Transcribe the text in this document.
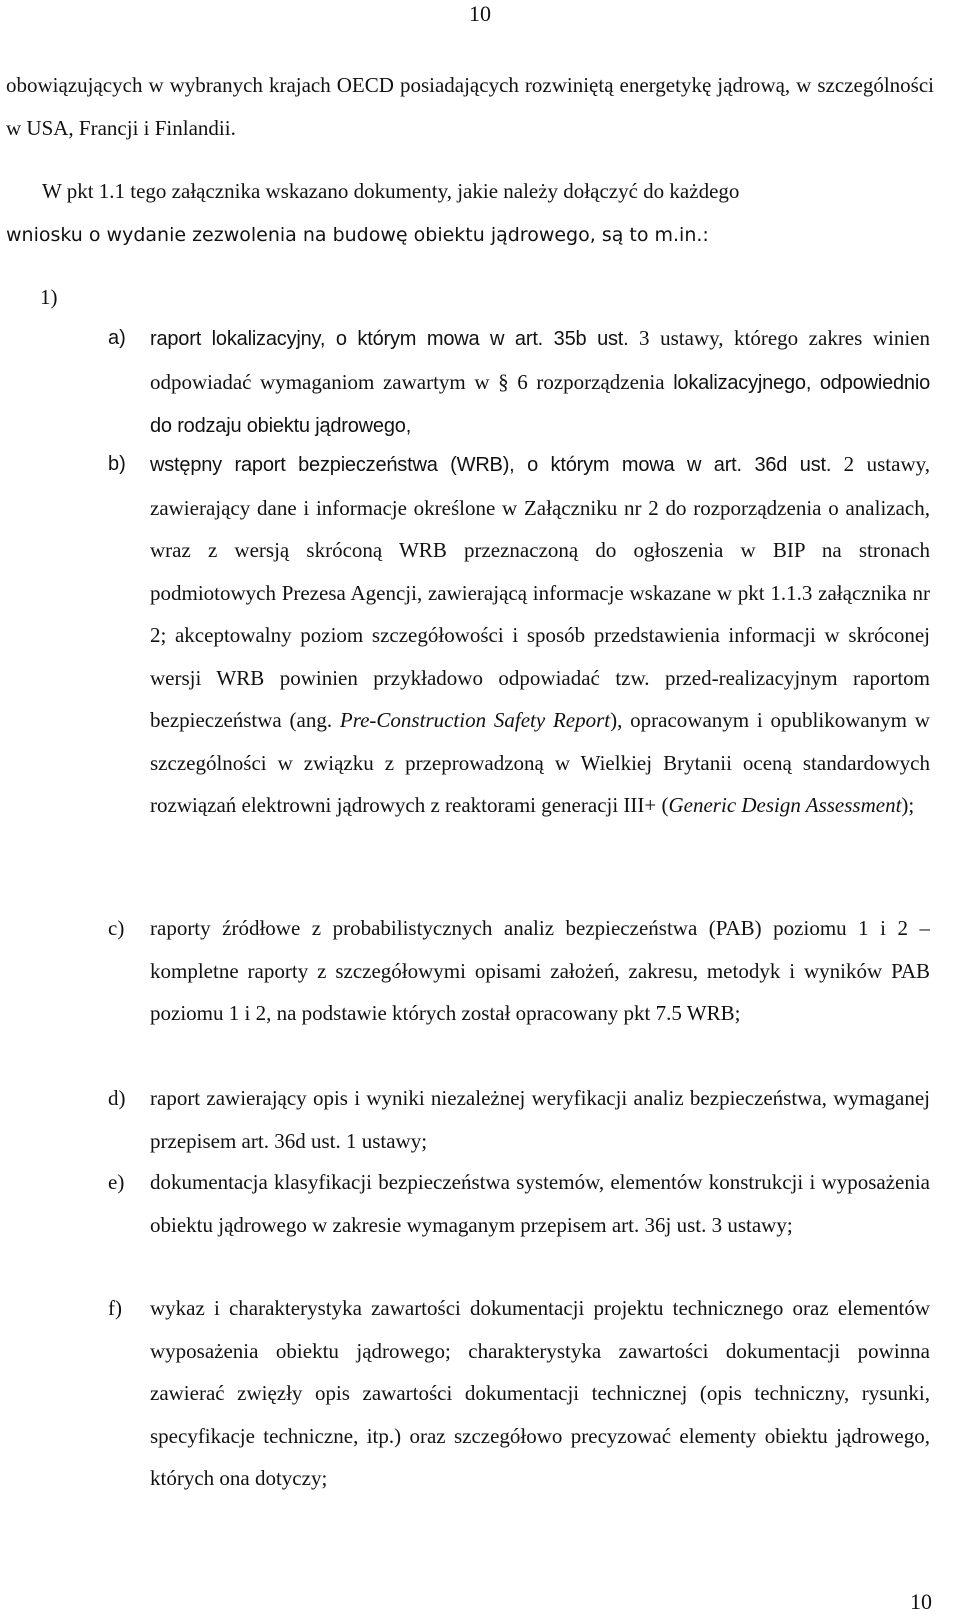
10
obowiązujących w wybranych krajach OECD posiadających rozwiniętą energetykę jądrową, w szczególności w USA, Francji i Finlandii.
W pkt 1.1 tego załącznika wskazano dokumenty, jakie należy dołączyć do każdego
wniosku o wydanie zezwolenia na budowę obiektu jądrowego, są to m.in.:
1)
a)	raport lokalizacyjny, o którym mowa w art. 35b ust. 3 ustawy, którego zakres winien odpowiadać wymaganiom zawartym w § 6 rozporządzenia lokalizacyjnego, odpowiednio do rodzaju obiektu jądrowego,
b)	wstępny raport bezpieczeństwa (WRB), o którym mowa w art. 36d ust. 2 ustawy, zawierający dane i informacje określone w Załączniku nr 2 do rozporządzenia o analizach, wraz z wersją skróconą WRB przeznaczoną do ogłoszenia w BIP na stronach podmiotowych Prezesa Agencji, zawierającą informacje wskazane w pkt 1.1.3 załącznika nr 2; akceptowalny poziom szczegółowości i sposób przedstawienia informacji w skróconej wersji WRB powinien przykładowo odpowiadać tzw. przed-realizacyjnym raportom bezpieczeństwa (ang. Pre-Construction Safety Report), opracowanym i opublikowanym w szczególności w związku z przeprowadzoną w Wielkiej Brytanii oceną standardowych rozwiązań elektrowni jądrowych z reaktorami generacji III+ (Generic Design Assessment);
c)	raporty źródłowe z probabilistycznych analiz bezpieczeństwa (PAB) poziomu 1 i 2 – kompletne raporty z szczegółowymi opisami założeń, zakresu, metodyk i wyników PAB poziomu 1 i 2, na podstawie których został opracowany pkt 7.5 WRB;
d)	raport zawierający opis i wyniki niezależnej weryfikacji analiz bezpieczeństwa, wymaganej przepisem art. 36d ust. 1 ustawy;
e)	dokumentacja klasyfikacji bezpieczeństwa systemów, elementów konstrukcji i wyposażenia obiektu jądrowego w zakresie wymaganym przepisem art. 36j ust. 3 ustawy;
f)	wykaz i charakterystyka zawartości dokumentacji projektu technicznego oraz elementów wyposażenia obiektu jądrowego; charakterystyka zawartości dokumentacji powinna zawierać zwięzły opis zawartości dokumentacji technicznej (opis techniczny, rysunki, specyfikacje techniczne, itp.) oraz szczegółowo precyzować elementy obiektu jądrowego, których ona dotyczy;
10
